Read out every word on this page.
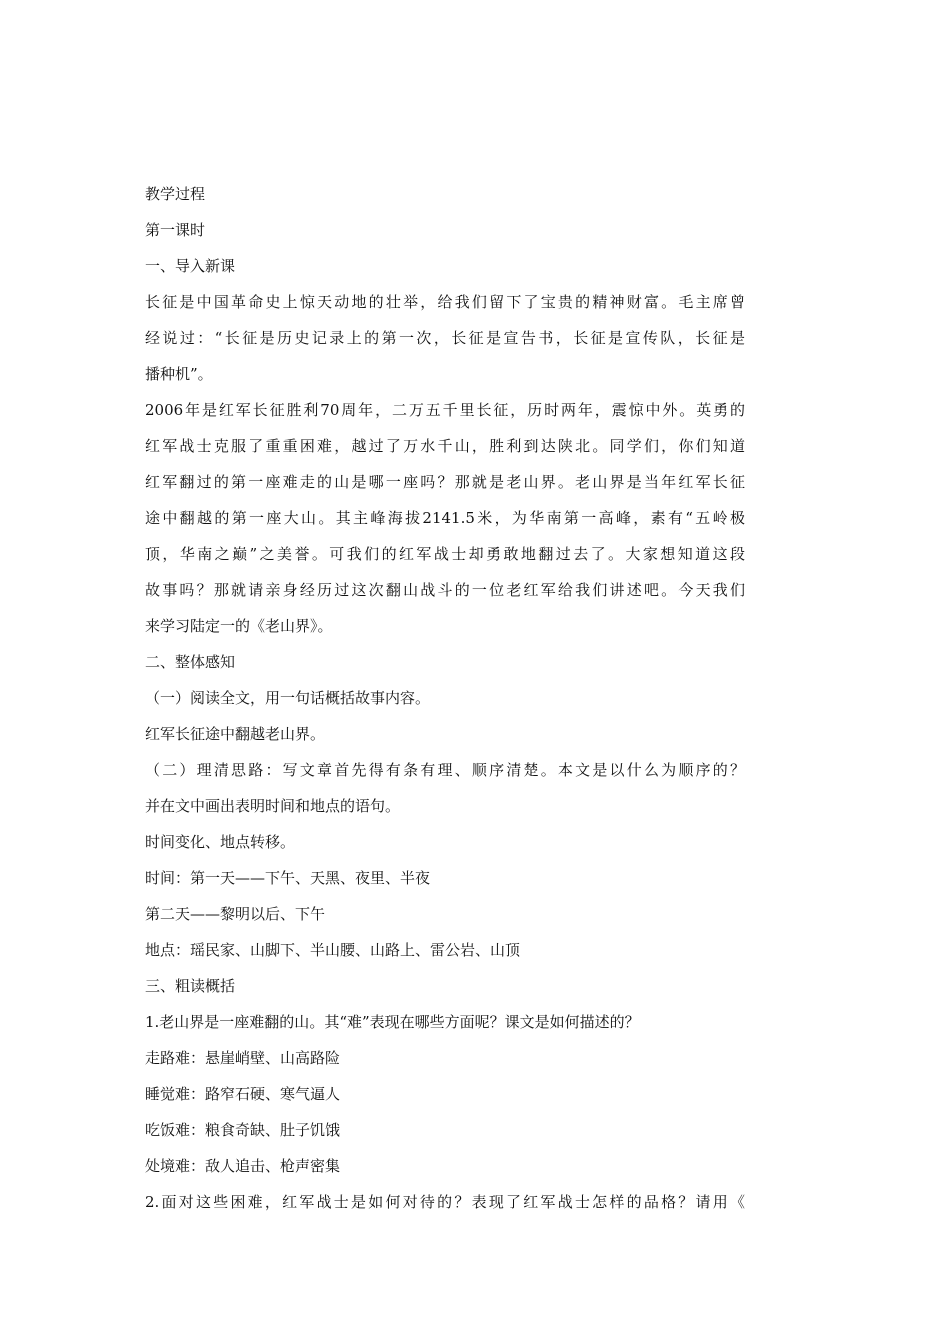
教学过程
第一课时
一、导入新课
长征是中国革命史上惊天动地的壮举，给我们留下了宝贵的精神财富。毛主席曾
经说过：“长征是历史记录上的第一次，长征是宣告书，长征是宣传队，长征是
播种机”。
2006年是红军长征胜利70周年，二万五千里长征，历时两年，震惊中外。英勇的
红军战士克服了重重困难，越过了万水千山，胜利到达陕北。同学们，你们知道
红军翻过的第一座难走的山是哪一座吗？那就是老山界。老山界是当年红军长征
途中翻越的第一座大山。其主峰海拔2141.5米，为华南第一高峰，素有“五岭极
顶，华南之巅”之美誉。可我们的红军战士却勇敢地翻过去了。大家想知道这段
故事吗？那就请亲身经历过这次翻山战斗的一位老红军给我们讲述吧。今天我们
来学习陆定一的《老山界》。
二、整体感知
（一）阅读全文，用一句话概括故事内容。
红军长征途中翻越老山界。
（二）理清思路：写文章首先得有条有理、顺序清楚。本文是以什么为顺序的？
并在文中画出表明时间和地点的语句。
时间变化、地点转移。
时间：第一天——下午、天黑、夜里、半夜
第二天——黎明以后、下午
地点：瑶民家、山脚下、半山腰、山路上、雷公岩、山顶
三、粗读概括
1.老山界是一座难翻的山。其“难”表现在哪些方面呢？课文是如何描述的？
走路难：悬崖峭壁、山高路险
睡觉难：路窄石硬、寒气逼人
吃饭难：粮食奇缺、肚子饥饿
处境难：敌人追击、枪声密集
2.面对这些困难，红军战士是如何对待的？表现了红军战士怎样的品格？请用《
